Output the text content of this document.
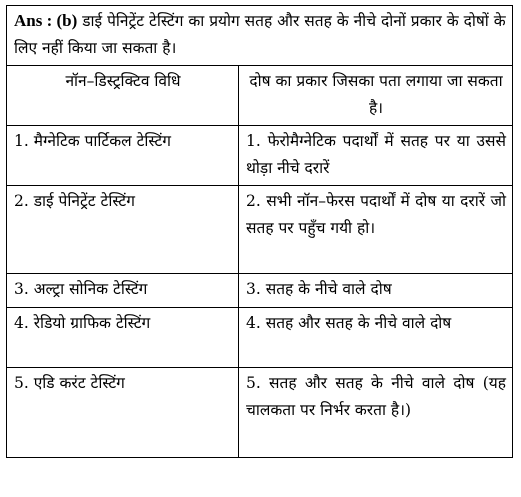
Ans : (b) डाई पेनिट्रेंट टेस्टिंग का प्रयोग सतह और सतह के नीचे दोनों प्रकार के दोषों के लिए नहीं किया जा सकता है।	
नॉन–डिस्ट्रक्टिव विधि	दोष का प्रकार जिसका पता लगाया जा सकता है।
1. मैग्नेटिक पार्टिकल टेस्टिंग	1. फेरोमैग्नेटिक पदार्थों में सतह पर या उससे थोड़ा नीचे दरारें
2. डाई पेनिट्रेंट टेस्टिंग	2. सभी नॉन–फेरस पदार्थों में दोष या दरारें जो सतह पर पहुँच गयी हो।
3. अल्ट्रा सोनिक टेस्टिंग	3. सतह के नीचे वाले दोष
4. रेडियो ग्राफिक टेस्टिंग	4. सतह और सतह के नीचे वाले दोष
5. एडि करंट टेस्टिंग	5. सतह और सतह के नीचे वाले दोष (यह चालकता पर निर्भर करता है।)
